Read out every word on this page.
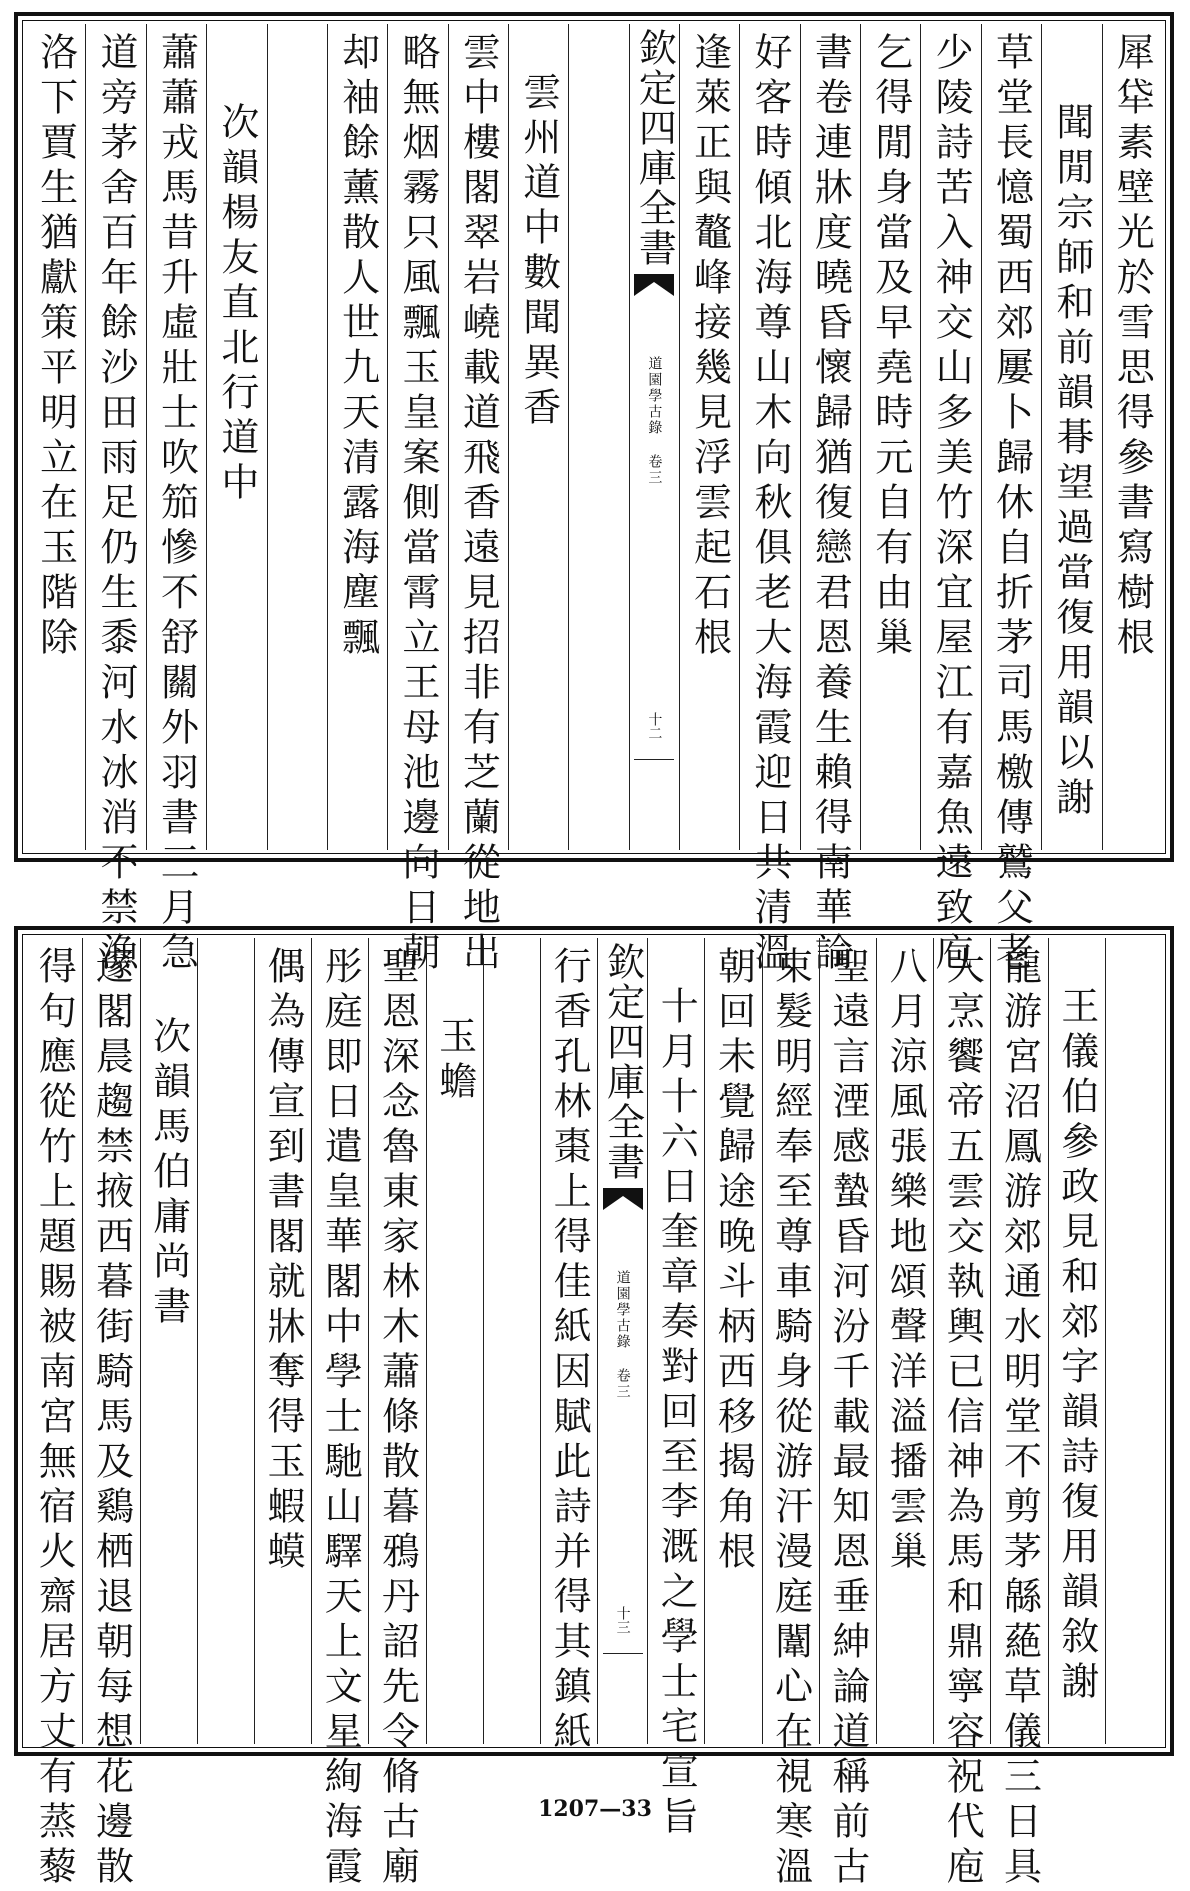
犀牮素壁光於雪思得參書寫樹根
聞閒宗師和前韻朞望過當復用韻以謝
草堂長憶蜀西郊屢卜歸休自折茅司馬檄傳鷲父老
少陵詩苦入神交山多美竹深宜屋江有嘉魚遠致庖
乞得閒身當及早堯時元自有由巢
書卷連牀度曉昏懷歸猶復戀君恩養生賴得南華論
好客時傾北海尊山木向秋俱老大海霞迎日共清溫
逢萊正與鼇峰接幾見浮雲起石根
欽定四庫全書
道園學古錄 卷三
十二
雲州道中數聞異香
雲中樓閣翠岩嶢載道飛香遠見招非有芝蘭從地出
略無烟霧只風飄玉皇案側當霄立王母池邊向日朝
却袖餘薰散人世九天清露海塵飄
次韻楊友直北行道中
蕭蕭戎馬昔升虛壯士吹笳慘不舒關外羽書三月急
道旁茅舍百年餘沙田雨足仍生黍河水冰消不禁漁
洛下賈生猶獻策平明立在玉階除
王儀伯參政見和郊字韻詩復用韻敘謝
龍游宮沼鳳游郊通水明堂不剪茅緜蕝草儀三日具
大烹饗帝五雲交執輿已信神為馬和鼎寧容祝代庖
八月涼風張樂地頌聲洋溢播雲巢
聖遠言湮感蟄昏河汾千載最知恩垂紳論道稱前古
束髮明經奉至尊車騎身從游汗漫庭闈心在視寒溫
朝回未覺歸途晚斗柄西移揭角根
十月十六日奎章奏對回至李溉之學士宅宣旨
欽定四庫全書
道園學古錄 卷三
十三
行香孔林棗上得佳紙因賦此詩并得其鎮紙
玉蟾
聖恩深念魯東家林木蕭條散暮鴉丹詔先令脩古廟
彤庭即日遣皇華閣中學士馳山驛天上文星絢海霞
偶為傳宣到書閣就牀奪得玉蝦蟆
次韻馬伯庸尚書
邃閣晨趨禁掖西暮街騎馬及鷄栖退朝每想花邊散
得句應從竹上題賜被南宮無宿火齋居方丈有蒸藜	1207—33
